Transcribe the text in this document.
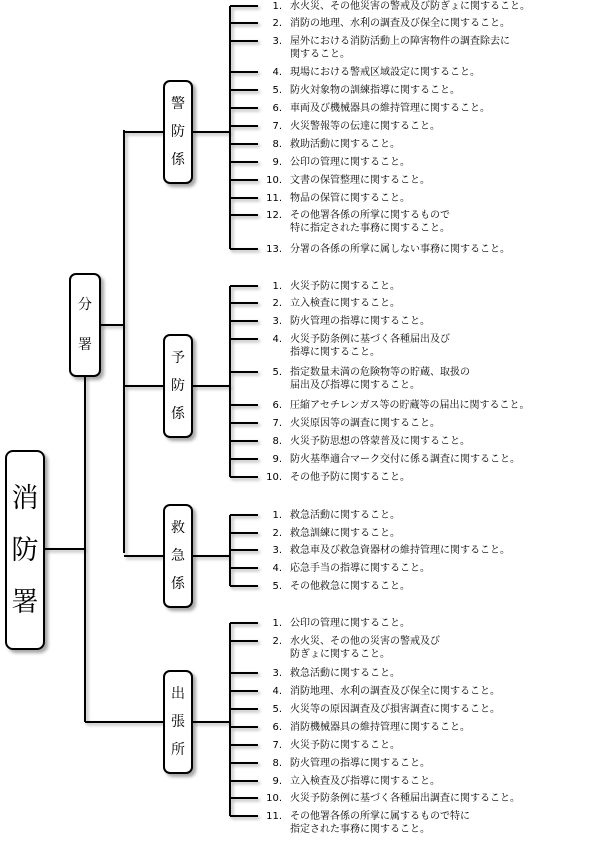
消
防
署
分
署
警
防
係
1. 水火災、その他災害の警戒及び防ぎょに関すること。
2. 消防の地理、水利の調査及び保全に関すること。
3. 屋外における消防活動上の障害物件の調査除去に
関すること。
4. 現場における警戒区域設定に関すること。
5. 防火対象物の訓練指導に関すること。
6. 車両及び機械器具の維持管理に関すること。
7. 火災警報等の伝達に関すること。
8. 救助活動に関すること。
9. 公印の管理に関すること。
10. 文書の保管整理に関すること。
11. 物品の保管に関すること。
12. その他署各係の所掌に関するもので
特に指定された事務に関すること。
13. 分署の各係の所掌に属しない事務に関すること。
予
防
係
1. 火災予防に関すること。
2. 立入検査に関すること。
3. 防火管理の指導に関すること。
4. 火災予防条例に基づく各種届出及び
指導に関すること。
5. 指定数量未満の危険物等の貯蔵、取扱の
届出及び指導に関すること。
6. 圧縮アセチレンガス等の貯蔵等の届出に関すること。
7. 火災原因等の調査に関すること。
8. 火災予防思想の啓蒙普及に関すること。
9. 防火基準適合マーク交付に係る調査に関すること。
10. その他予防に関すること。
救
急
係
1. 救急活動に関すること。
2. 救急訓練に関すること。
3. 救急車及び救急資器材の維持管理に関すること。
4. 応急手当の指導に関すること。
5. その他救急に関すること。
出
張
所
1. 公印の管理に関すること。
2. 水火災、その他の災害の警戒及び
防ぎょに関すること。
3. 救急活動に関すること。
4. 消防地理、水利の調査及び保全に関すること。
5. 火災等の原因調査及び損害調査に関すること。
6. 消防機械器具の維持管理に関すること。
7. 火災予防に関すること。
8. 防火管理の指導に関すること。
9. 立入検査及び指導に関すること。
10. 火災予防条例に基づく各種届出調査に関すること。
11. その他署各係の所掌に属するもので特に
指定された事務に関すること。
